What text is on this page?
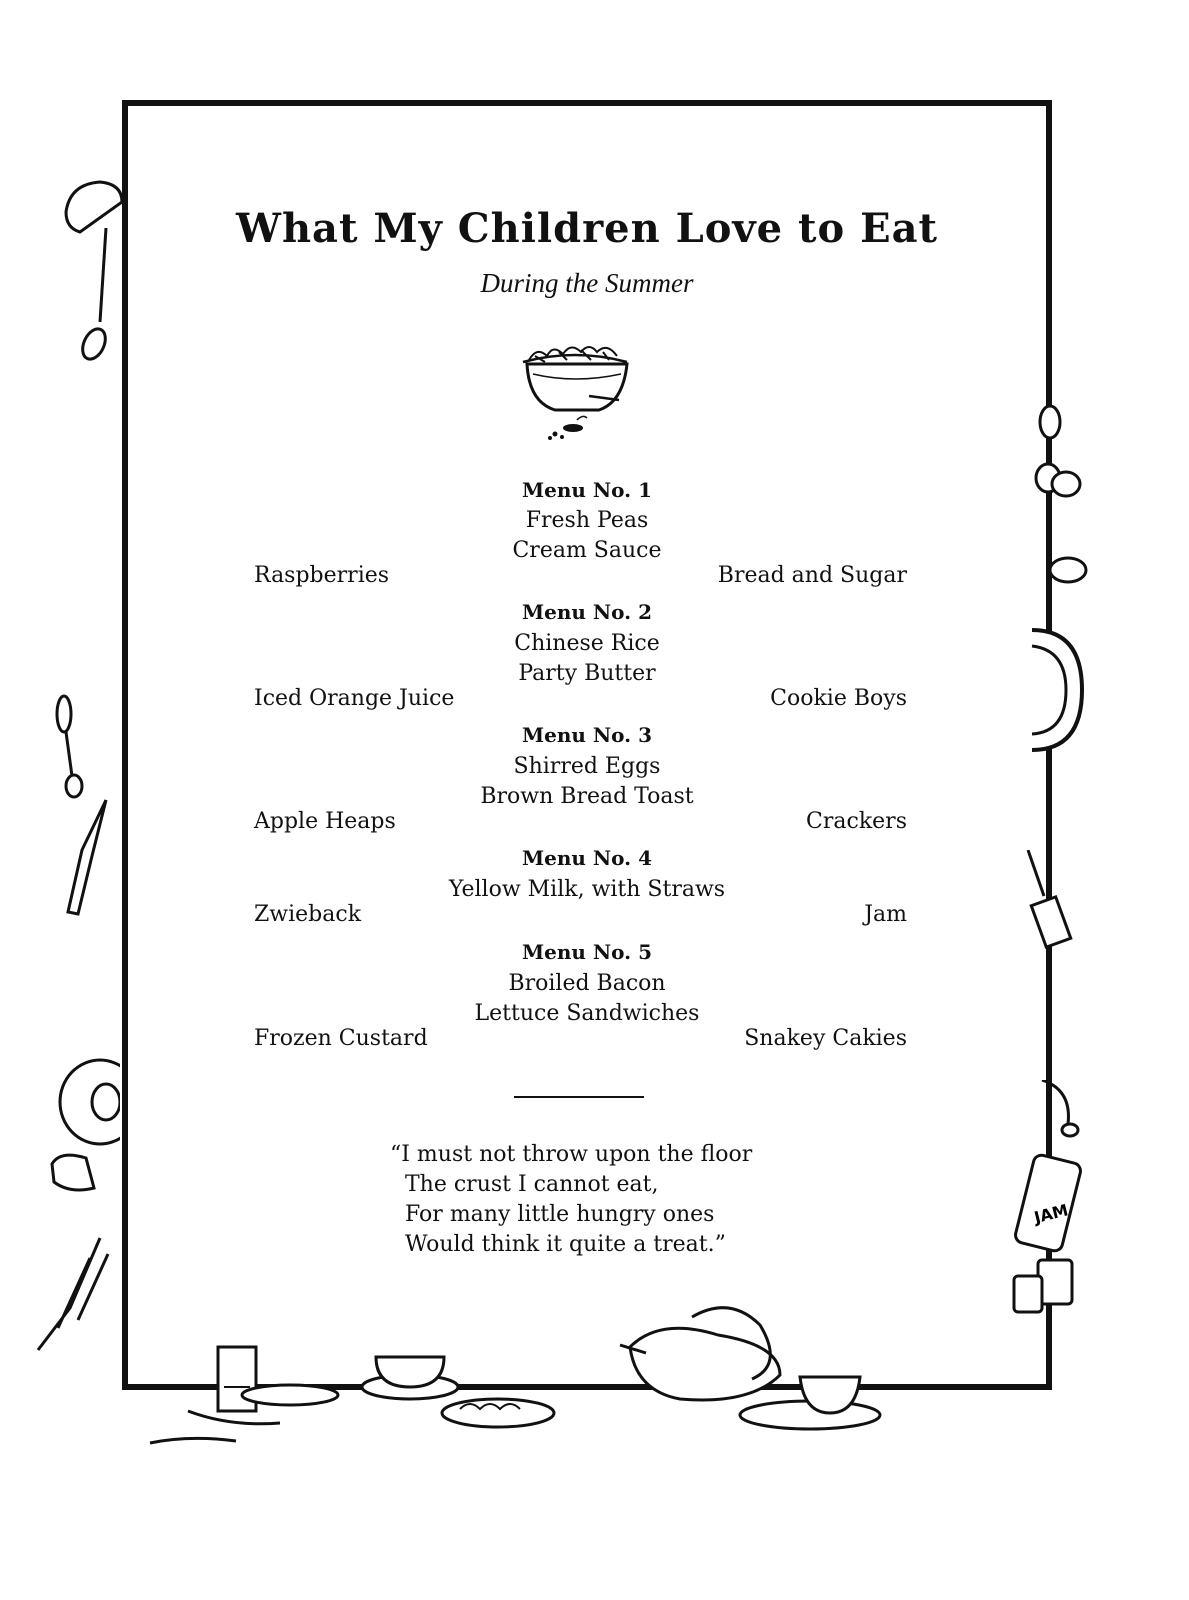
What My Children Love to Eat

During the Summer

Menu No. 1

Fresh Peas

Cream Sauce

Raspberries	Bread and Sugar

Menu No. 2

Chinese Rice

Party Butter

Iced Orange Juice	Cookie Boys

Menu No. 3

Shirred Eggs

Brown Bread Toast

Apple Heaps	Crackers

Menu No. 4

Yellow Milk, with Straws

Zwieback	Jam

Menu No. 5

Broiled Bacon

Lettuce Sandwiches

Frozen Custard	Snakey Cakies

“I must not throw upon the floor

The crust I cannot eat,

For many little hungry ones

Would think it quite a treat.”

JAM
